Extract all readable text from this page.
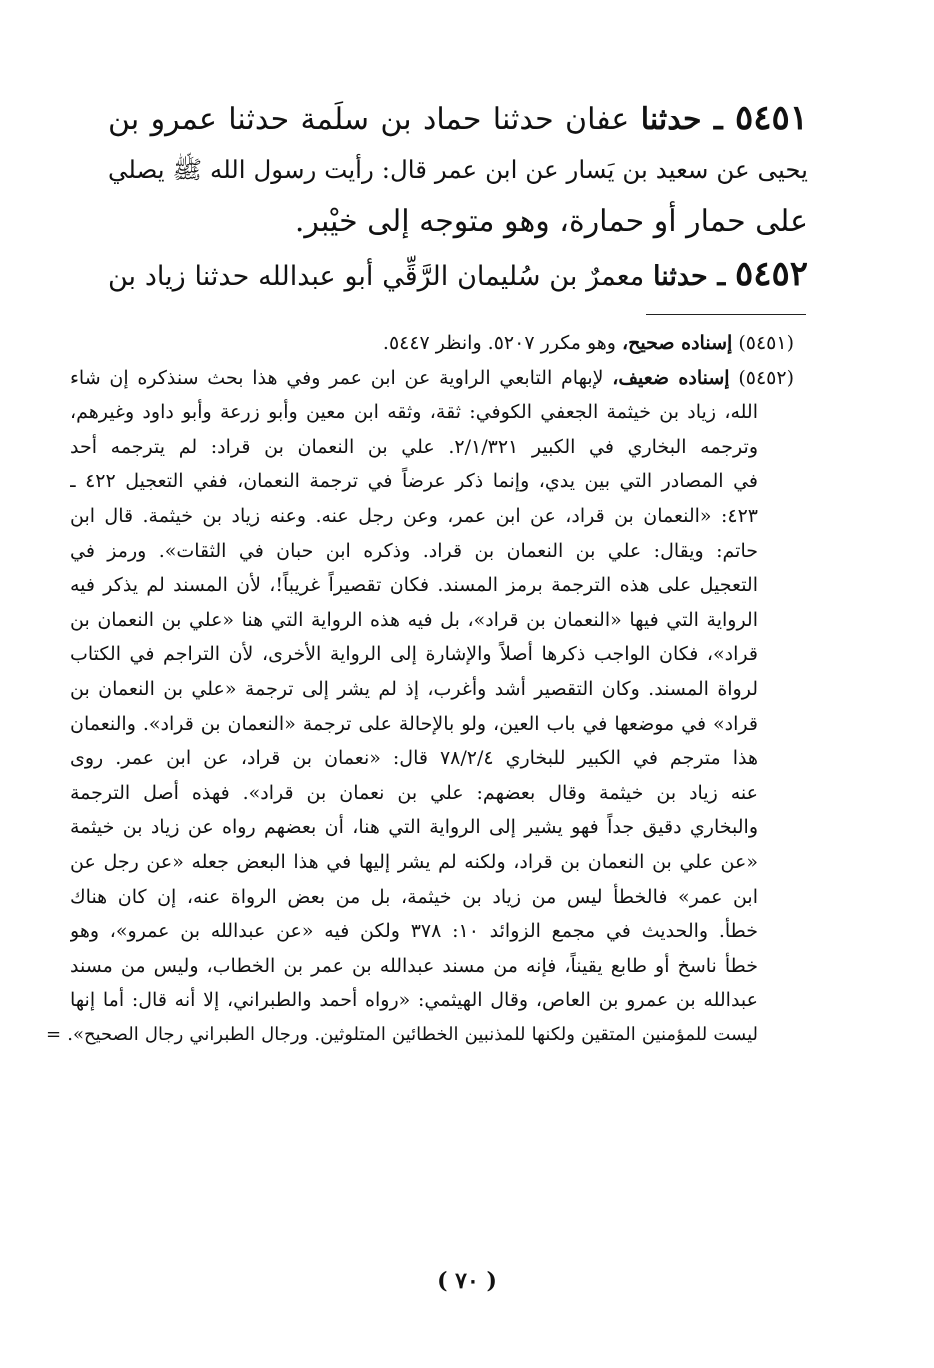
٥٤٥١ ـ حدثنا عفان حدثنا حماد بن سلَمة حدثنا عمرو بن
يحيى عن سعيد بن يَسار عن ابن عمر قال: رأيت رسول الله ﷺ يصلي
على حمار أو حمارة، وهو متوجه إلى خيْبر.
٥٤٥٢ ـ حدثنا معمرٌ بن سُليمان الرَّقِّي أبو عبدالله حدثنا زياد بن
(٥٤٥١) إسناده صحيح، وهو مكرر ٥٢٠٧. وانظر ٥٤٤٧.
(٥٤٥٢) إسناده ضعيف، لإبهام التابعي الراوية عن ابن عمر وفي هذا بحث سنذكره إن شاء
الله، زياد بن خيثمة الجعفي الكوفي: ثقة، وثقه ابن معين وأبو زرعة وأبو داود وغيرهم،
وترجمه البخاري في الكبير ٢/١/٣٢١. علي بن النعمان بن قراد: لم يترجمه أحد
في المصادر التي بين يدي، وإنما ذكر عرضاً في ترجمة النعمان، ففي التعجيل ٤٢٢ ـ
٤٢٣: «النعمان بن قراد، عن ابن عمر، وعن رجل عنه. وعنه زياد بن خيثمة. قال ابن
حاتم: ويقال: علي بن النعمان بن قراد. وذكره ابن حبان في الثقات». ورمز في
التعجيل على هذه الترجمة برمز المسند. فكان تقصيراً غريباً!، لأن المسند لم يذكر فيه
الرواية التي فيها «النعمان بن قراد»، بل فيه هذه الرواية التي هنا «علي بن النعمان بن
قراد»، فكان الواجب ذكرها أصلاً والإشارة إلى الرواية الأخرى، لأن التراجم في الكتاب
لرواة المسند. وكان التقصير أشد وأغرب، إذ لم يشر إلى ترجمة «علي بن النعمان بن
قراد» في موضعها في باب العين، ولو بالإحالة على ترجمة «النعمان بن قراد». والنعمان
هذا مترجم في الكبير للبخاري ٧٨/٢/٤ قال: «نعمان بن قراد، عن ابن عمر. روى
عنه زياد بن خيثمة وقال بعضهم: علي بن نعمان بن قراد». فهذه أصل الترجمة
والبخاري دقيق جداً فهو يشير إلى الرواية التي هنا، أن بعضهم رواه عن زياد بن خيثمة
«عن علي بن النعمان بن قراد، ولكنه لم يشر إليها في هذا البعض جعله «عن رجل عن
ابن عمر» فالخطأ ليس من زياد بن خيثمة، بل من بعض الرواة عنه، إن كان هناك
خطأ. والحديث في مجمع الزوائد ١٠: ٣٧٨ ولكن فيه «عن عبدالله بن عمرو»، وهو
خطأ ناسخ أو طابع يقيناً، فإنه من مسند عبدالله بن عمر بن الخطاب، وليس من مسند
عبدالله بن عمرو بن العاص، وقال الهيثمي: «رواه أحمد والطبراني، إلا أنه قال: أما إنها
ليست للمؤمنين المتقين ولكنها للمذنبين الخطائين المتلوثين. ورجال الطبراني رجال الصحيح». =
( ٧٠ )
